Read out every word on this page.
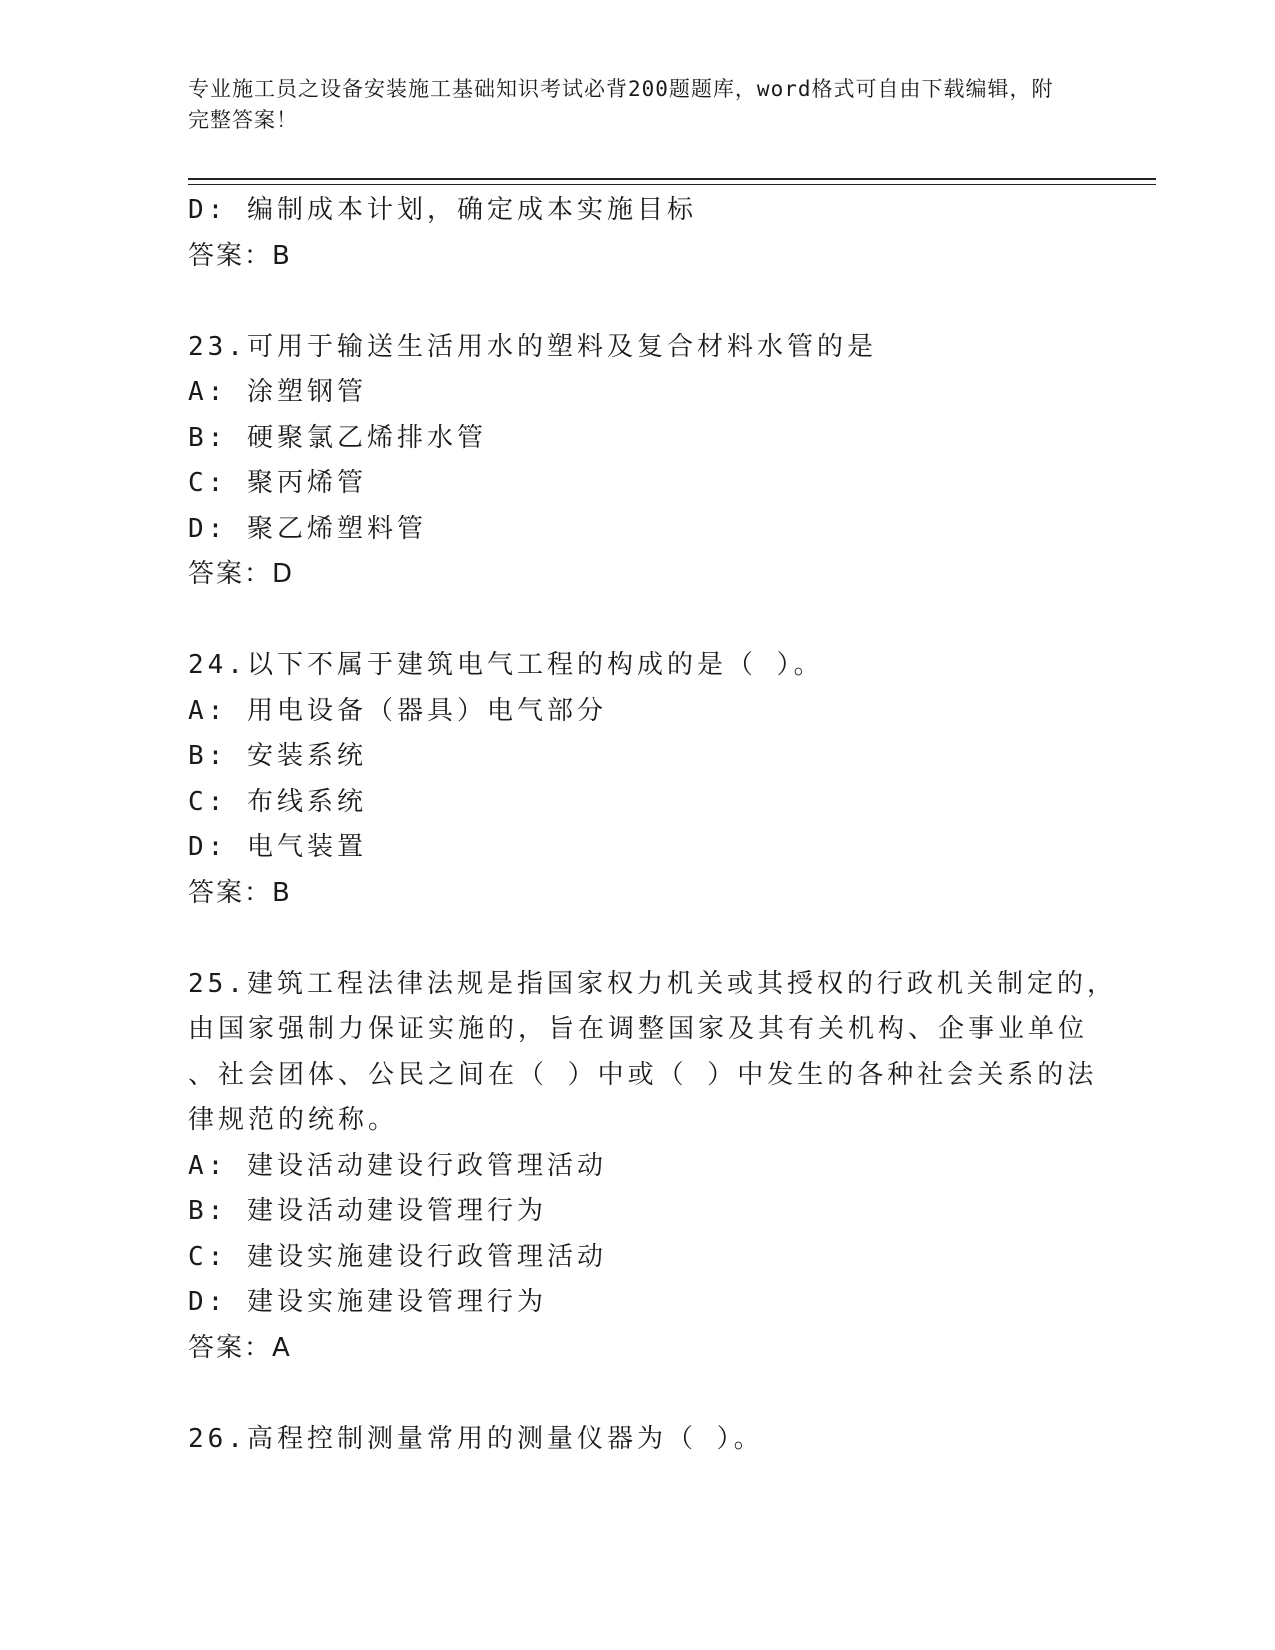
专业施工员之设备安装施工基础知识考试必背200题题库，word格式可自由下载编辑，附完整答案！
D: 编制成本计划，确定成本实施目标
答案：B
23.可用于输送生活用水的塑料及复合材料水管的是
A: 涂塑钢管
B: 硬聚氯乙烯排水管
C: 聚丙烯管
D: 聚乙烯塑料管
答案：D
24.以下不属于建筑电气工程的构成的是（ ）。
A: 用电设备（器具）电气部分
B: 安装系统
C: 布线系统
D: 电气装置
答案：B
25.建筑工程法律法规是指国家权力机关或其授权的行政机关制定的，
由国家强制力保证实施的，旨在调整国家及其有关机构、企事业单位
、社会团体、公民之间在（ ）中或（ ）中发生的各种社会关系的法
律规范的统称。
A: 建设活动建设行政管理活动
B: 建设活动建设管理行为
C: 建设实施建设行政管理活动
D: 建设实施建设管理行为
答案：A
26.高程控制测量常用的测量仪器为（ ）。
